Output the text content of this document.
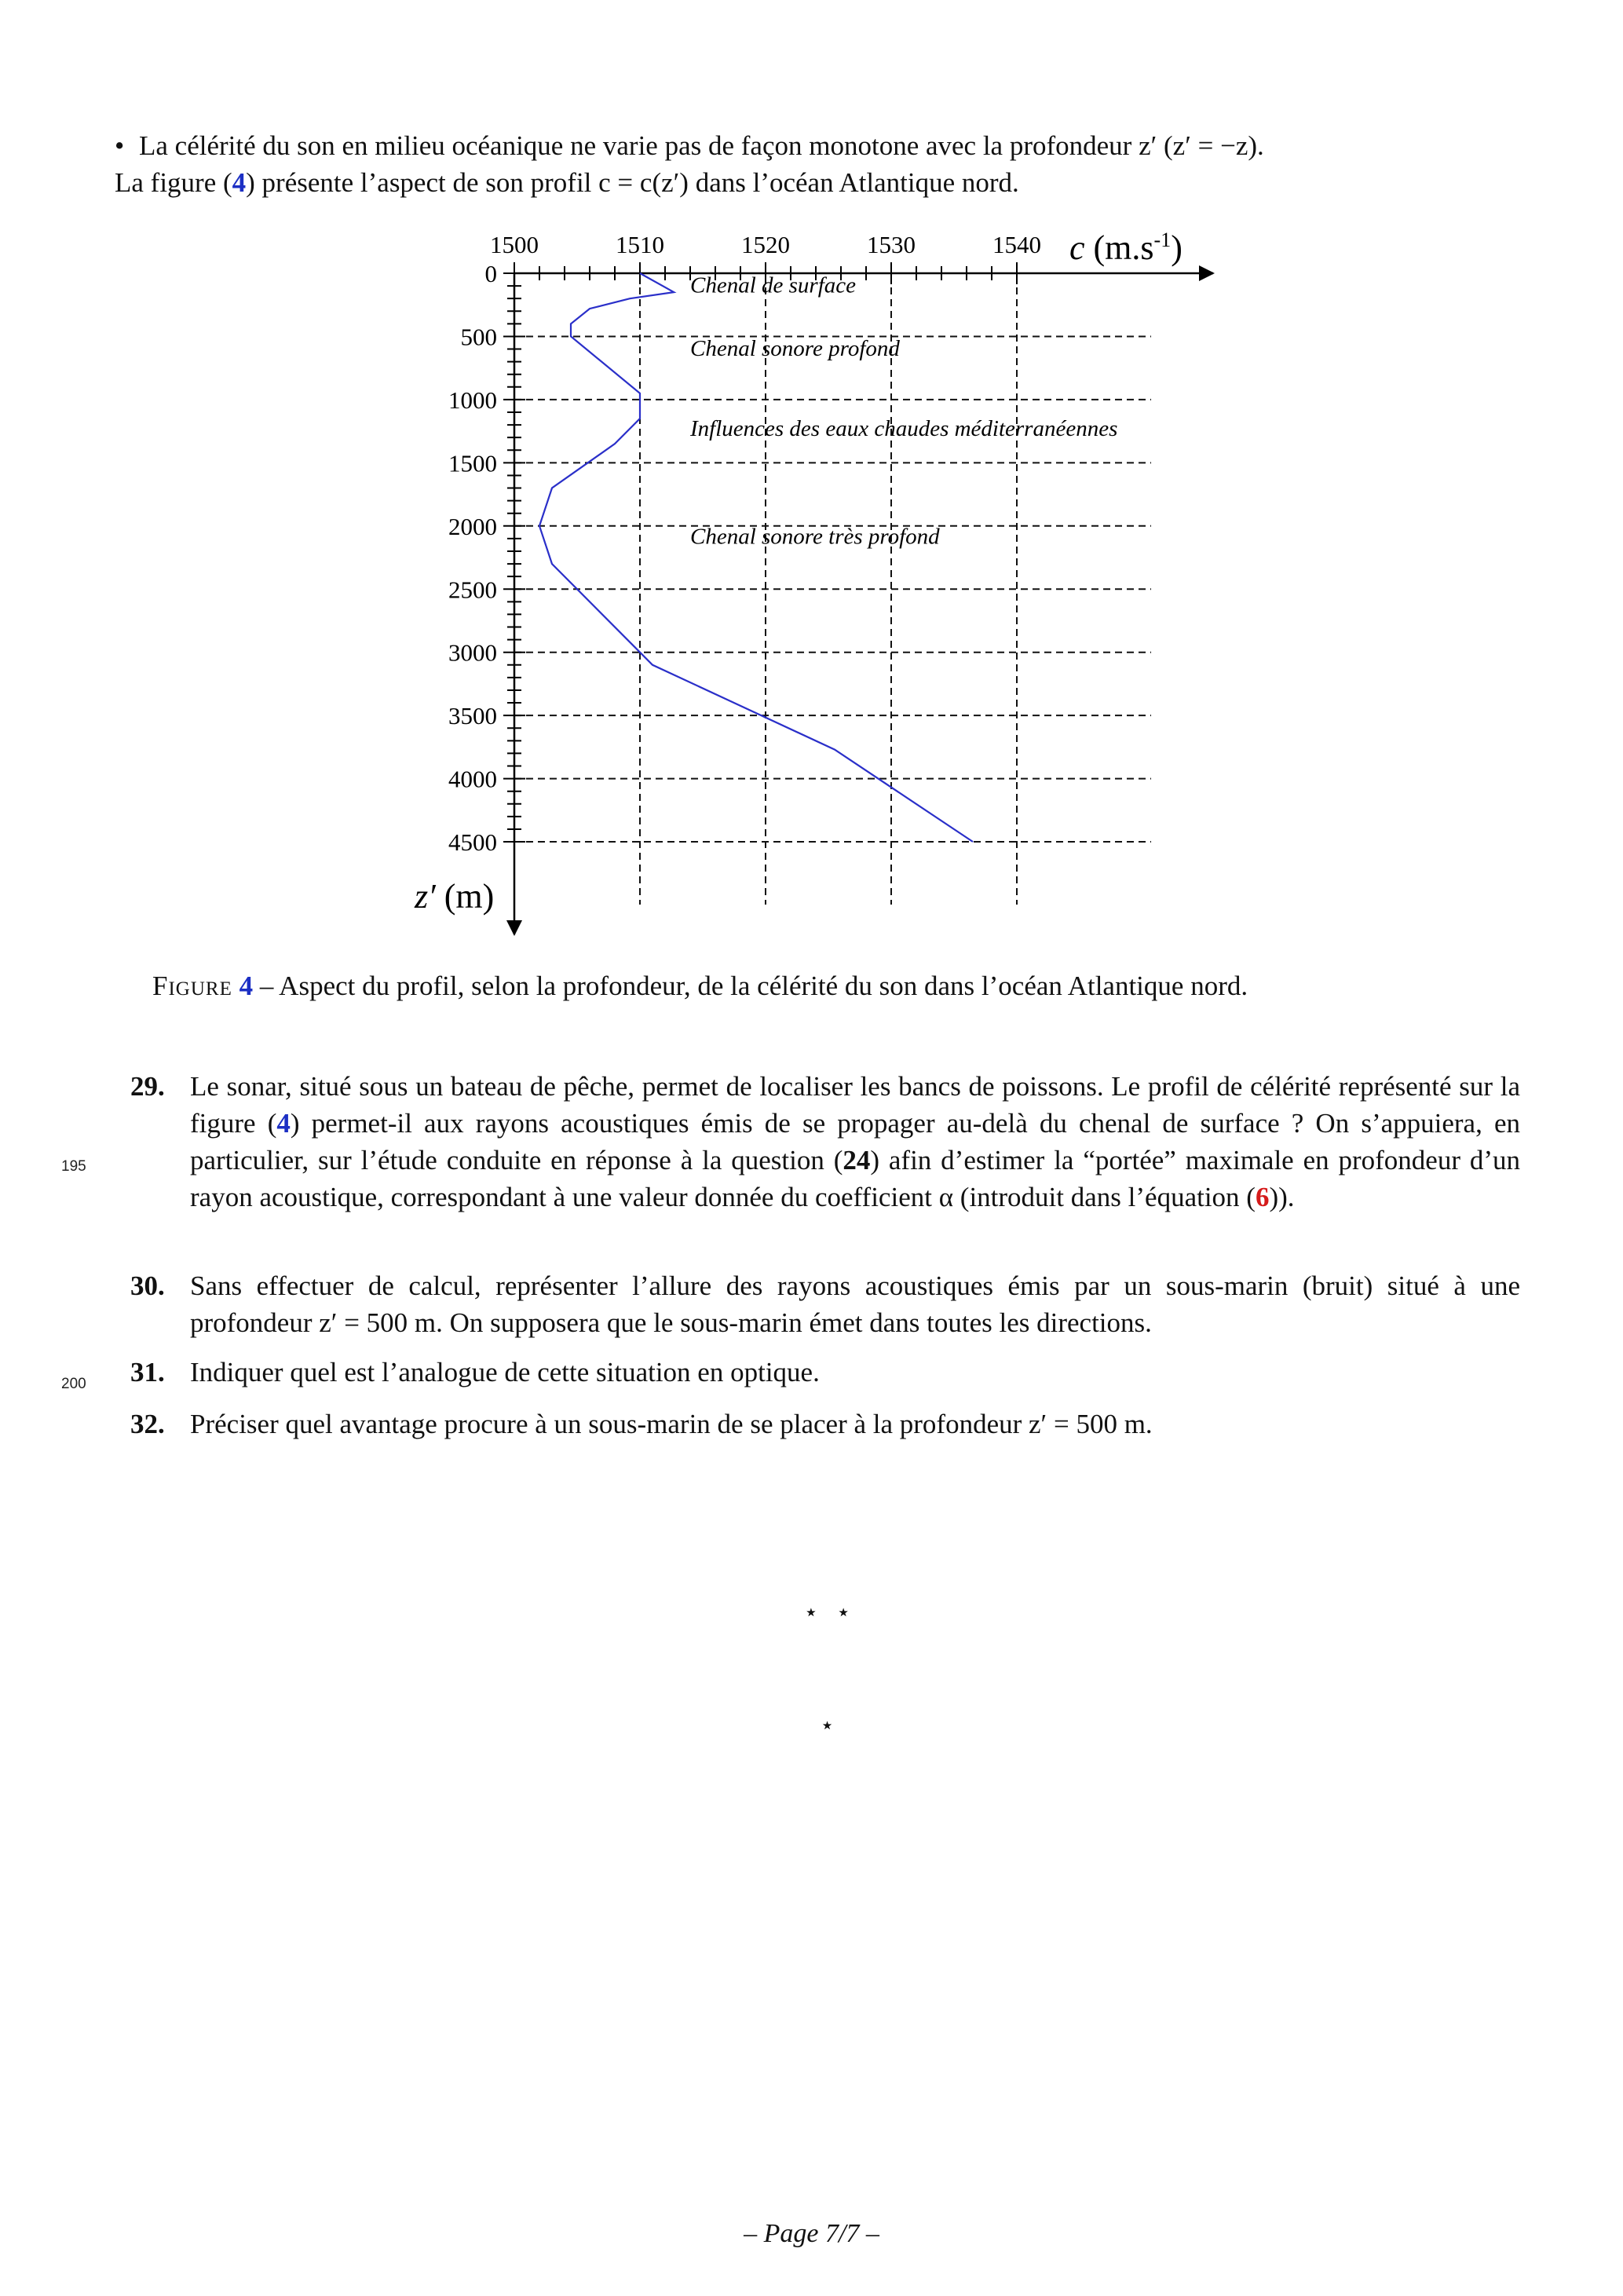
• La célérité du son en milieu océanique ne varie pas de façon monotone avec la profondeur z′ (z′ = −z).
La figure (4) présente l’aspect de son profil c = c(z′) dans l’océan Atlantique nord.
1500	1510	1520	1530	1540
0
500
1000
1500
2000
2500
3000
3500
4000
4500
Chenal de surface
Chenal sonore profond
Influences des eaux chaudes méditerranéennes
Chenal sonore très profond
c $(m.s^{-1})$
z′ (m)
Figure 4 – Aspect du profil, selon la profondeur, de la célérité du son dans l’océan Atlantique nord.
195
200
29. Le sonar, situé sous un bateau de pêche, permet de localiser les bancs de poissons. Le profil de célérité représenté sur la figure (4) permet-il aux rayons acoustiques émis de se propager au-delà du chenal de surface ? On s’appuiera, en particulier, sur l’étude conduite en réponse à la question (24) afin d’estimer la “portée” maximale en profondeur d’un rayon acoustique, correspondant à une valeur donnée du coefficient α (introduit dans l’équation (6)).
30. Sans effectuer de calcul, représenter l’allure des rayons acoustiques émis par un sous-marin (bruit) situé à une profondeur z′ = 500 m. On supposera que le sous-marin émet dans toutes les directions.
31. Indiquer quel est l’analogue de cette situation en optique.
32. Préciser quel avantage procure à un sous-marin de se placer à la profondeur z′ = 500 m.

⋆   ⋆

⋆

– Page 7/7 –
